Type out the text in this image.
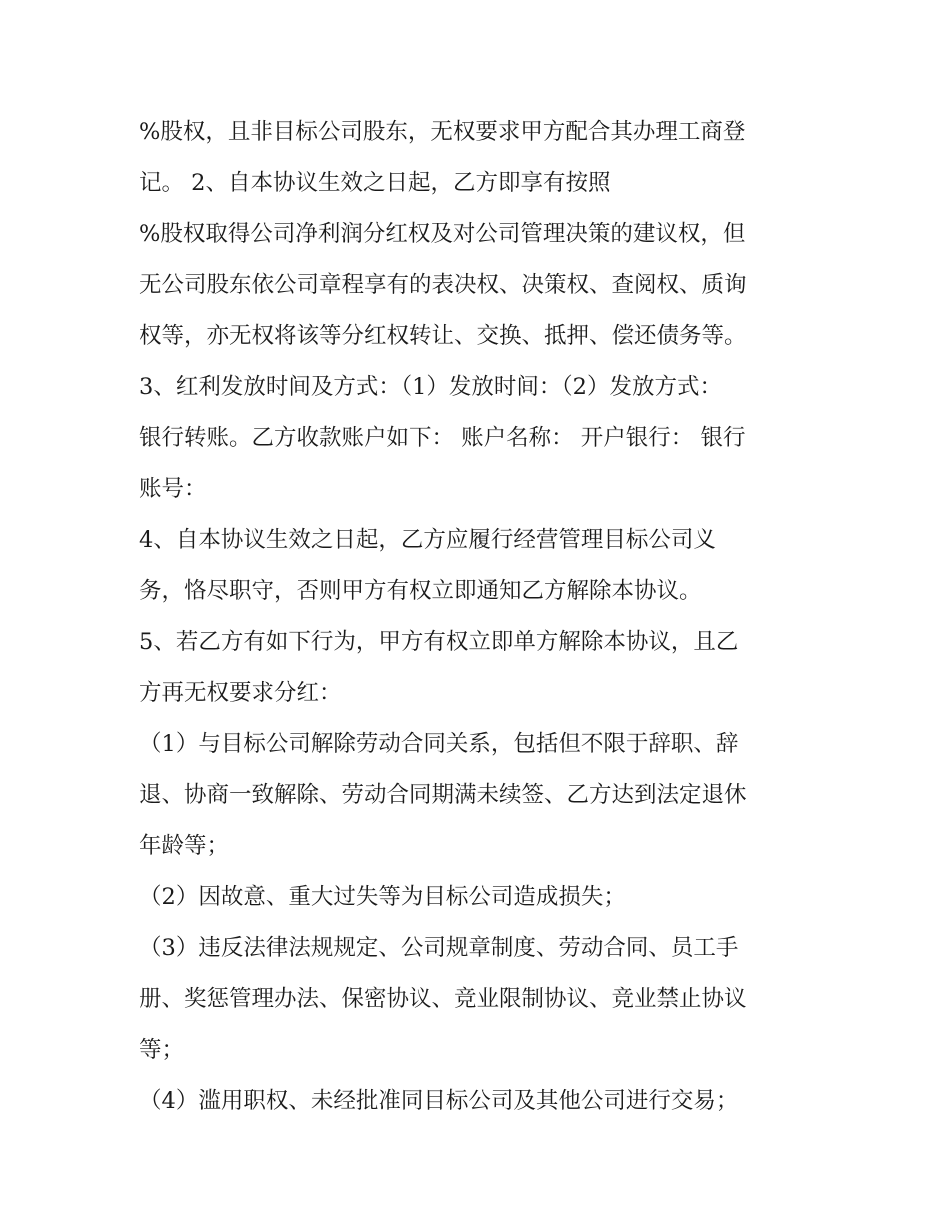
%股权，且非目标公司股东，无权要求甲方配合其办理工商登
记。 2、自本协议生效之日起，乙方即享有按照
%股权取得公司净利润分红权及对公司管理决策的建议权，但
无公司股东依公司章程享有的表决权、决策权、查阅权、质询
权等，亦无权将该等分红权转让、交换、抵押、偿还债务等。
3、红利发放时间及方式：（1）发放时间：（2）发放方式：
银行转账。乙方收款账户如下： 账户名称： 开户银行： 银行
账号：
4、自本协议生效之日起，乙方应履行经营管理目标公司义
务，恪尽职守，否则甲方有权立即通知乙方解除本协议。
5、若乙方有如下行为，甲方有权立即单方解除本协议，且乙
方再无权要求分红：
（1）与目标公司解除劳动合同关系，包括但不限于辞职、辞
退、协商一致解除、劳动合同期满未续签、乙方达到法定退休
年龄等；
（2）因故意、重大过失等为目标公司造成损失；
（3）违反法律法规规定、公司规章制度、劳动合同、员工手
册、奖惩管理办法、保密协议、竞业限制协议、竞业禁止协议
等；
（4）滥用职权、未经批准同目标公司及其他公司进行交易；
